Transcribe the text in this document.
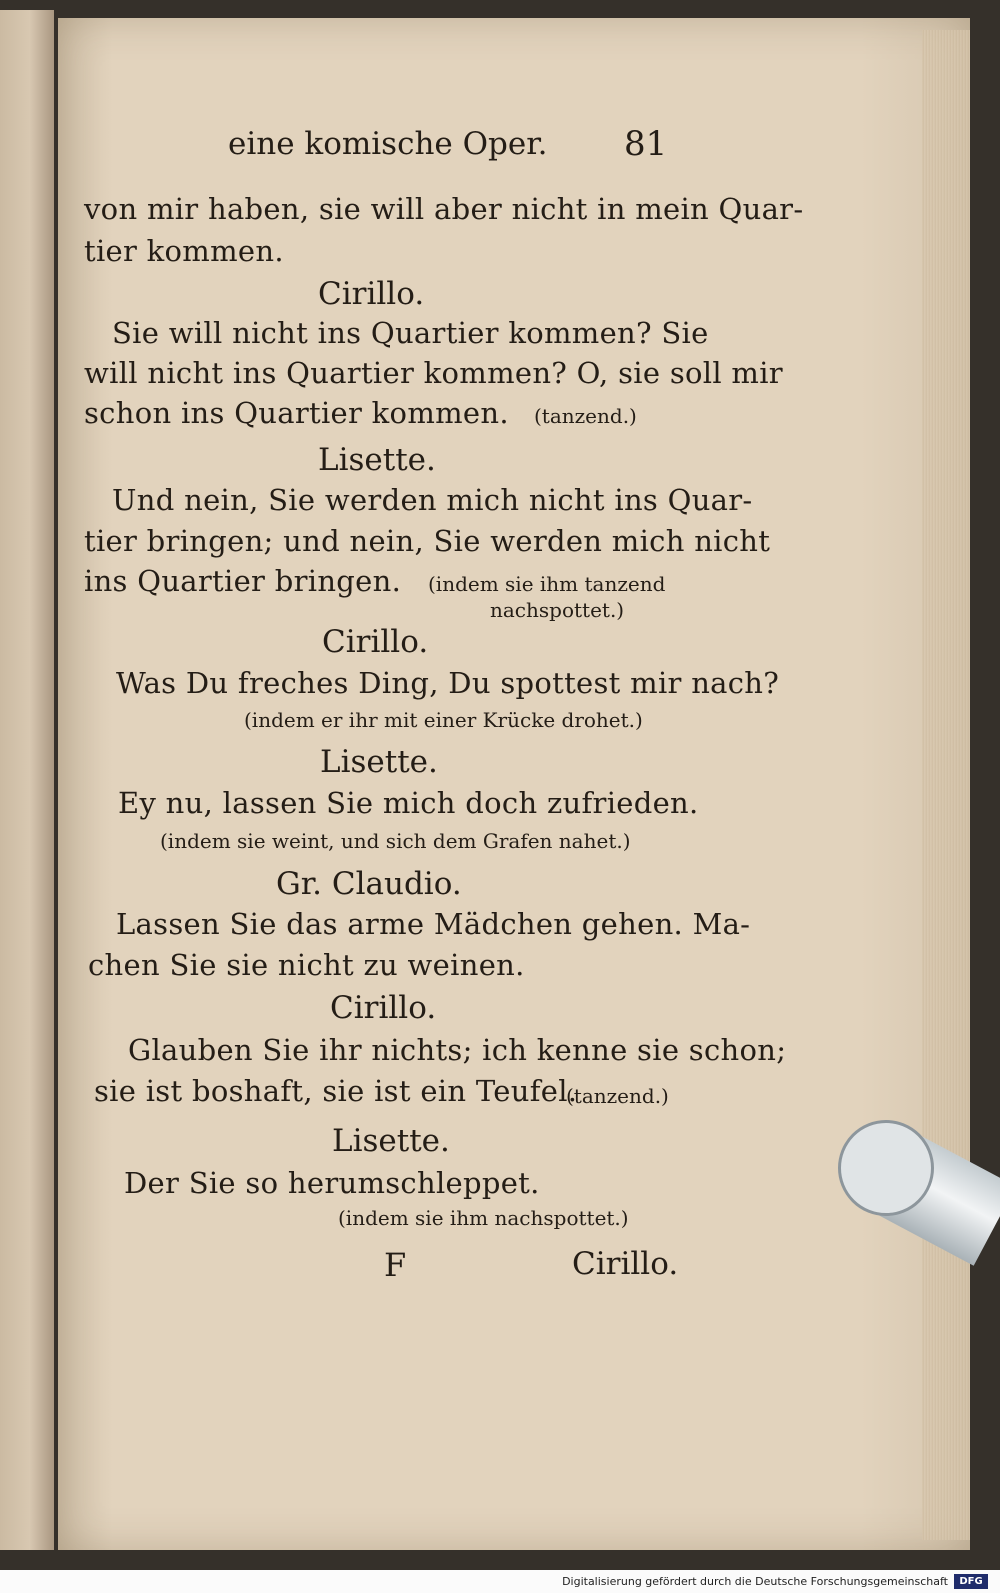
eine komische Oper. 81
von mir haben, sie will aber nicht in mein Quar-
tier kommen.
Cirillo.
Sie will nicht ins Quartier kommen? Sie
will nicht ins Quartier kommen? O, sie soll mir
schon ins Quartier kommen. (tanzend.)
Lisette.
Und nein, Sie werden mich nicht ins Quar-
tier bringen; und nein, Sie werden mich nicht
ins Quartier bringen. (indem sie ihm tanzend
nachspottet.)
Cirillo.
Was Du freches Ding, Du spottest mir nach?
(indem er ihr mit einer Krücke drohet.)
Lisette.
Ey nu, lassen Sie mich doch zufrieden.
(indem sie weint, und sich dem Grafen nahet.)
Gr. Claudio.
Lassen Sie das arme Mädchen gehen. Ma-
chen Sie sie nicht zu weinen.
Cirillo.
Glauben Sie ihr nichts; ich kenne sie schon;
sie ist boshaft, sie ist ein Teufel.
(tanzend.)
Lisette.
Der Sie so herumschleppet.
(indem sie ihm nachspottet.)
F	Cirillo.
Digitalisierung gefördert durch die Deutsche Forschungsgemeinschaft	DFG
